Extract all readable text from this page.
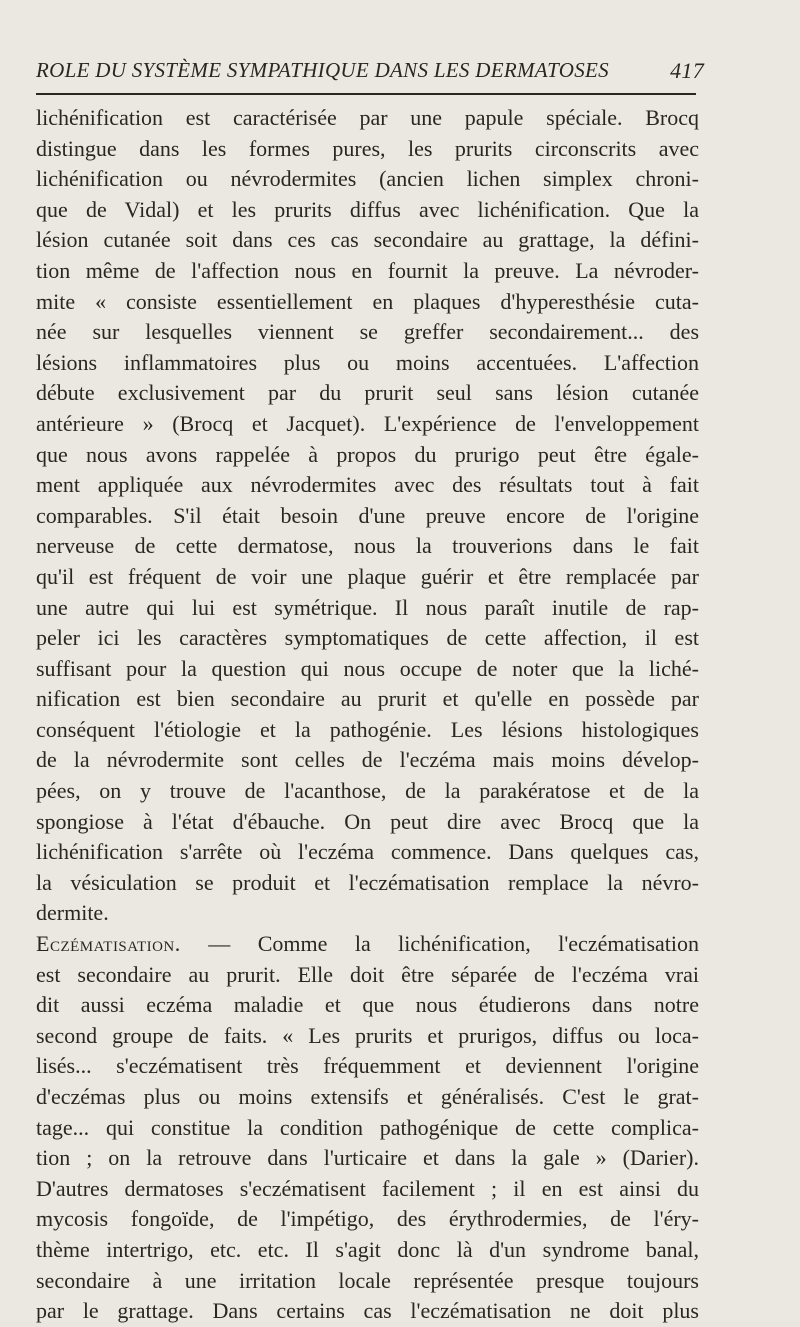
ROLE DU SYSTÈME SYMPATHIQUE DANS LES DERMATOSES	417
lichénification est caractérisée par une papule spéciale. Brocq
distingue dans les formes pures, les prurits circonscrits avec
lichénification ou névrodermites (ancien lichen simplex chroni-
que de Vidal) et les prurits diffus avec lichénification. Que la
lésion cutanée soit dans ces cas secondaire au grattage, la défini-
tion même de l'affection nous en fournit la preuve. La névroder-
mite « consiste essentiellement en plaques d'hyperesthésie cuta-
née sur lesquelles viennent se greffer secondairement... des
lésions inflammatoires plus ou moins accentuées. L'affection
débute exclusivement par du prurit seul sans lésion cutanée
antérieure » (Brocq et Jacquet). L'expérience de l'enveloppement
que nous avons rappelée à propos du prurigo peut être égale-
ment appliquée aux névrodermites avec des résultats tout à fait
comparables. S'il était besoin d'une preuve encore de l'origine
nerveuse de cette dermatose, nous la trouverions dans le fait
qu'il est fréquent de voir une plaque guérir et être remplacée par
une autre qui lui est symétrique. Il nous paraît inutile de rap-
peler ici les caractères symptomatiques de cette affection, il est
suffisant pour la question qui nous occupe de noter que la liché-
nification est bien secondaire au prurit et qu'elle en possède par
conséquent l'étiologie et la pathogénie. Les lésions histologiques
de la névrodermite sont celles de l'eczéma mais moins dévelop-
pées, on y trouve de l'acanthose, de la parakératose et de la
spongiose à l'état d'ébauche. On peut dire avec Brocq que la
lichénification s'arrête où l'eczéma commence. Dans quelques cas,
la vésiculation se produit et l'eczématisation remplace la névro-
dermite.
Eczématisation. — Comme la lichénification, l'eczématisation
est secondaire au prurit. Elle doit être séparée de l'eczéma vrai
dit aussi eczéma maladie et que nous étudierons dans notre
second groupe de faits. « Les prurits et prurigos, diffus ou loca-
lisés... s'eczématisent très fréquemment et deviennent l'origine
d'eczémas plus ou moins extensifs et généralisés. C'est le grat-
tage... qui constitue la condition pathogénique de cette complica-
tion ; on la retrouve dans l'urticaire et dans la gale » (Darier).
D'autres dermatoses s'eczématisent facilement ; il en est ainsi du
mycosis fongoïde, de l'impétigo, des érythrodermies, de l'éry-
thème intertrigo, etc. etc. Il s'agit donc là d'un syndrome banal,
secondaire à une irritation locale représentée presque toujours
par le grattage. Dans certains cas l'eczématisation ne doit plus
